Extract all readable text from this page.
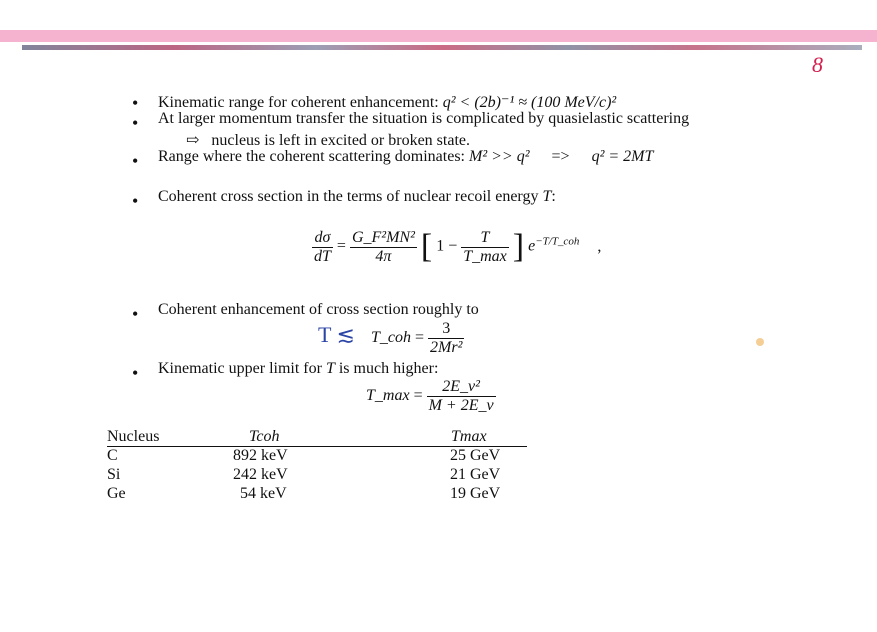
8
• Kinematic range for coherent enhancement: q² < (2b)⁻¹ ≈ (100 MeV/c)²
• At larger momentum transfer the situation is complicated by quasielastic scattering
⇨ nucleus is left in excited or broken state.
• Range where the coherent scattering dominates: M² >> q² => q² = 2MT
• Coherent cross section in the terms of nuclear recoil energy T:
$\frac{d\sigma}{dT} = \frac{\text{G\_F²MN²}}{4\pi}$ [ $1 - \frac{T}{T\_\max}$ ] $e^{-T/T\_coh}$ ,
• Coherent enhancement of cross section roughly to
T ≲ T_coh = $\frac{3}{\text{2Mr²}}$
• Kinematic upper limit for T is much higher:
T_max = $\frac{\text{2E\_ν²}}{M + 2E\_\nu}$
Nucleus	Tcoh	Tmax
C	892 keV	25 GeV
Si	242 keV	21 GeV
Ge	54 keV	19 GeV
